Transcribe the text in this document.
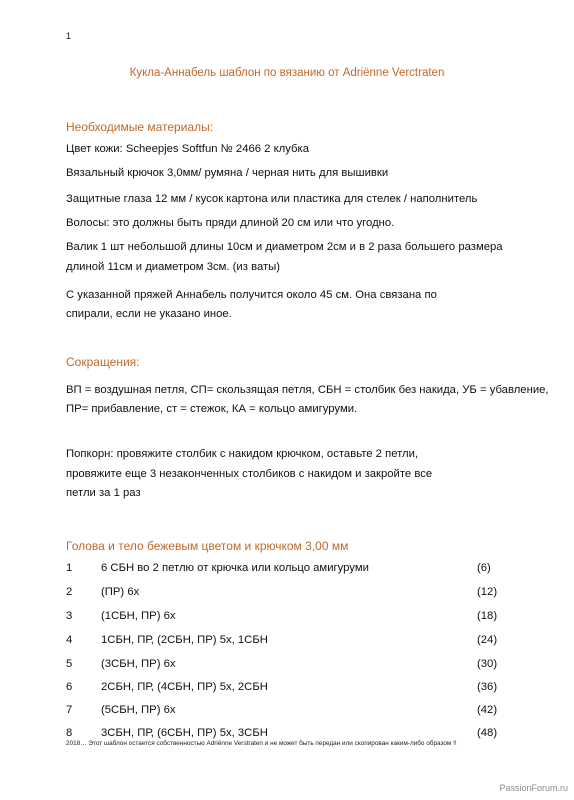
1
Кукла-Аннабель шаблон по вязанию от Adriënne Verctraten
Необходимые материалы:
Цвет кожи: Scheepjes Softfun № 2466 2 клубка
Вязальный крючок 3,0мм/ румяна / черная нить для вышивки
Защитные глаза 12 мм / кусок картона или пластика для стелек / наполнитель
Волосы: это должны быть пряди длиной 20 см или что угодно.
Валик 1 шт небольшой длины 10см и диаметром 2см и в 2 раза большего размера
длиной 11см и диаметром 3см. (из ваты)
С указанной пряжей Аннабель получится около 45 см. Она связана по
спирали, если не указано иное.
Сокращения:
ВП = воздушная петля, СП= скользящая петля, СБН = столбик без накида, УБ = убавление,
ПР= прибавление, ст = стежок, КА = кольцо амигуруми.
Попкорн: провяжите столбик с накидом крючком, оставьте 2 петли,
провяжите еще 3 незаконченных столбиков с накидом и закройте все
петли за 1 раз
Голова и тело бежевым цветом и крючком 3,00 мм
1	6 СБН во 2 петлю от крючка или кольцо амигуруми	(6)
2	(ПР) 6х	(12)
3	(1СБН, ПР) 6х	(18)
4	1СБН, ПР, (2СБН, ПР) 5х, 1СБН	(24)
5	(3СБН, ПР) 6х	(30)
6	2СБН, ПР, (4СБН, ПР) 5х, 2СБН	(36)
7	(5СБН, ПР) 6х	(42)
8	3СБН, ПР, (6СБН, ПР) 5х, 3СБН	(48)
2018… Этот шаблон остается собственностью Adriënne Verstraten и не может быть передан или скопирован каким-либо образом !!
PassionForum.ru
